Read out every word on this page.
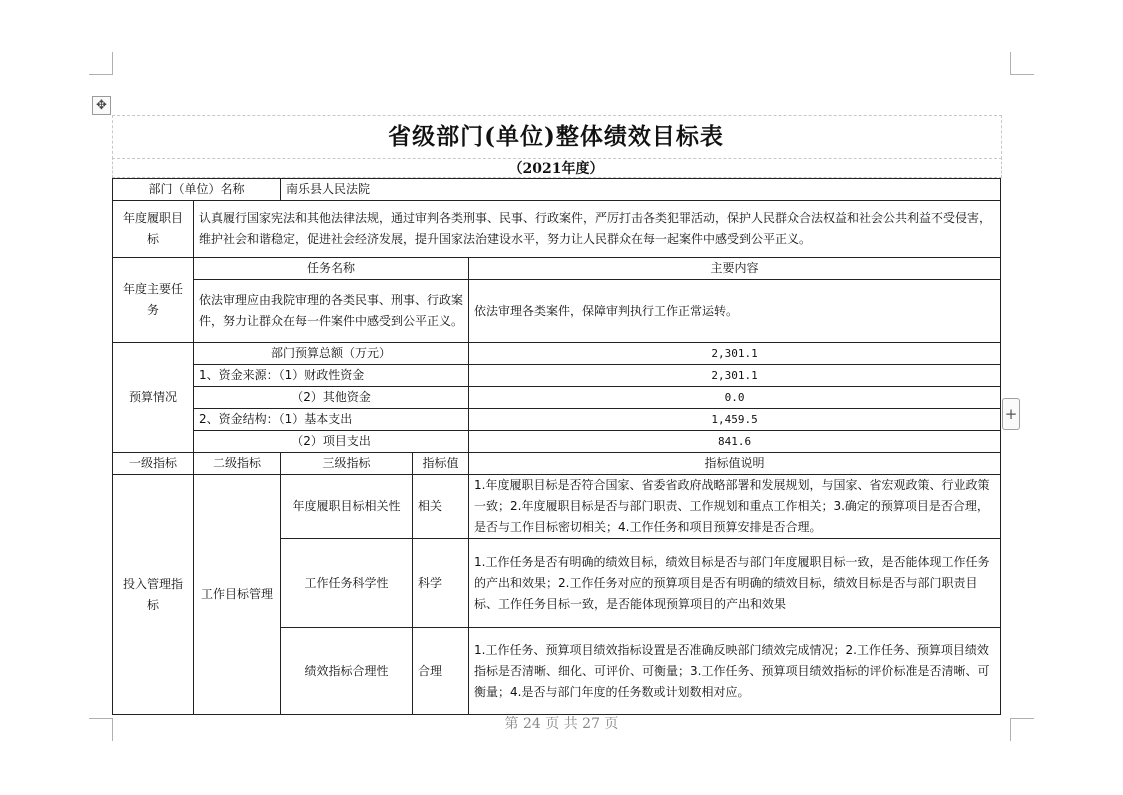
✥
+
省级部门(单位)整体绩效目标表
（2021年度）
部门（单位）名称		南乐县人民法院		
年度履职目标	认真履行国家宪法和其他法律法规，通过审判各类刑事、民事、行政案件，严厉打击各类犯罪活动，保护人民群众合法权益和社会公共利益不受侵害，维护社会和谐稳定，促进社会经济发展，提升国家法治建设水平，努力让人民群众在每一起案件中感受到公平正义。			
年度主要任务	任务名称			主要内容
	依法审理应由我院审理的各类民事、刑事、行政案件，努力让群众在每一件案件中感受到公平正义。			依法审理各类案件，保障审判执行工作正常运转。
预算情况	部门预算总额（万元）			2,301.1
	1、资金来源：（1）财政性资金			2,301.1
	（2）其他资金			0.0
	2、资金结构：（1）基本支出			1,459.5
	（2）项目支出			841.6
一级指标	二级指标	三级指标	指标值	指标值说明
投入管理指标	工作目标管理	年度履职目标相关性	相关	1.年度履职目标是否符合国家、省委省政府战略部署和发展规划，与国家、省宏观政策、行业政策一致；2.年度履职目标是否与部门职责、工作规划和重点工作相关；3.确定的预算项目是否合理，是否与工作目标密切相关；4.工作任务和项目预算安排是否合理。
		工作任务科学性	科学	1.工作任务是否有明确的绩效目标，绩效目标是否与部门年度履职目标一致，是否能体现工作任务的产出和效果；2.工作任务对应的预算项目是否有明确的绩效目标，绩效目标是否与部门职责目标、工作任务目标一致，是否能体现预算项目的产出和效果
		绩效指标合理性	合理	1.工作任务、预算项目绩效指标设置是否准确反映部门绩效完成情况；2.工作任务、预算项目绩效指标是否清晰、细化、可评价、可衡量；3.工作任务、预算项目绩效指标的评价标准是否清晰、可衡量；4.是否与部门年度的任务数或计划数相对应。
第 24 页 共 27 页
